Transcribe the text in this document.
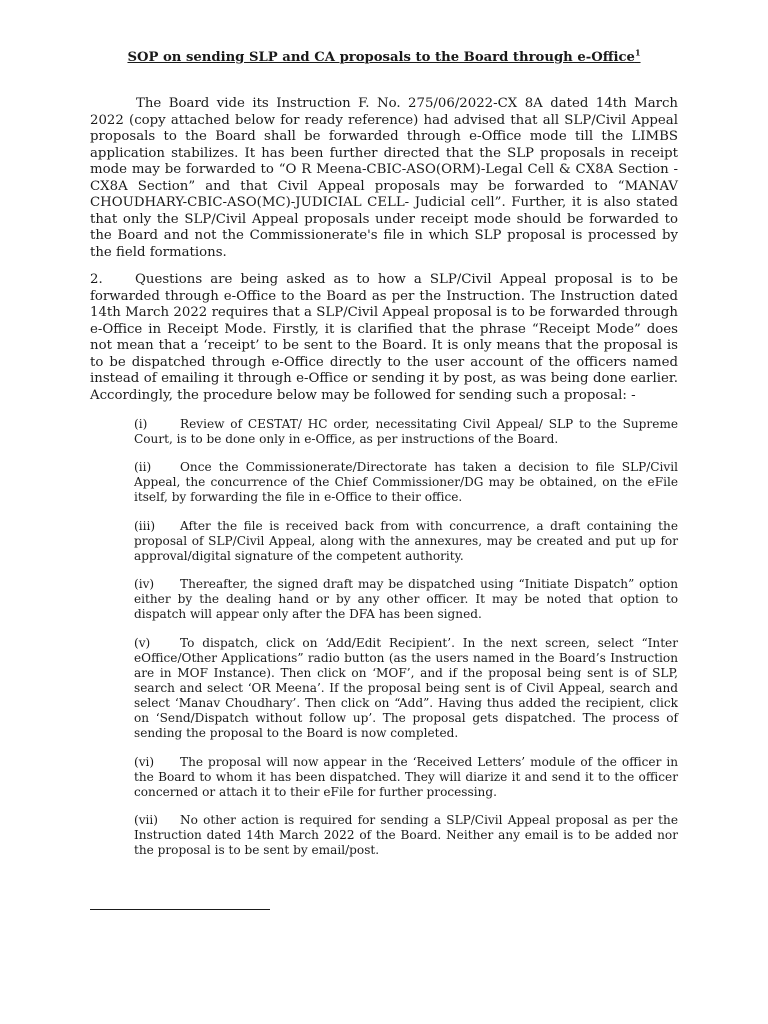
SOP on sending SLP and CA proposals to the Board through e-Office$^1$

The Board vide its Instruction F. No. 275/06/2022-CX 8A dated 14th March 2022 (copy attached below for ready reference) had advised that all SLP/Civil Appeal proposals to the Board shall be forwarded through e-Office mode till the LIMBS application stabilizes. It has been further directed that the SLP proposals in receipt mode may be forwarded to “O R Meena-CBIC-ASO(ORM)-Legal Cell & CX8A Section - CX8A Section” and that Civil Appeal proposals may be forwarded to “MANAV CHOUDHARY-CBIC-ASO(MC)-JUDICIAL CELL- Judicial cell”. Further, it is also stated that only the SLP/Civil Appeal proposals under receipt mode should be forwarded to the Board and not the Commissionerate's file in which SLP proposal is processed by the field formations.

2. Questions are being asked as to how a SLP/Civil Appeal proposal is to be forwarded through e-Office to the Board as per the Instruction. The Instruction dated 14th March 2022 requires that a SLP/Civil Appeal proposal is to be forwarded through e-Office in Receipt Mode. Firstly, it is clarified that the phrase “Receipt Mode” does not mean that a ‘receipt’ to be sent to the Board. It is only means that the proposal is to be dispatched through e-Office directly to the user account of the officers named instead of emailing it through e-Office or sending it by post, as was being done earlier. Accordingly, the procedure below may be followed for sending such a proposal: -

(i)	Review of CESTAT/ HC order, necessitating Civil Appeal/ SLP to the Supreme Court, is to be done only in e-Office, as per instructions of the Board.

(ii) Once the Commissionerate/Directorate has taken a decision to file SLP/Civil Appeal, the concurrence of the Chief Commissioner/DG may be obtained, on the eFile itself, by forwarding the file in e-Office to their office.

(iii) After the file is received back from with concurrence, a draft containing the proposal of SLP/Civil Appeal, along with the annexures, may be created and put up for approval/digital signature of the competent authority.

(iv) Thereafter, the signed draft may be dispatched using “Initiate Dispatch” option either by the dealing hand or by any other officer. It may be noted that option to dispatch will appear only after the DFA has been signed.

(v) To dispatch, click on ‘Add/Edit Recipient’. In the next screen, select “Inter eOffice/Other Applications” radio button (as the users named in the Board’s Instruction are in MOF Instance). Then click on ‘MOF’, and if the proposal being sent is of SLP, search and select ‘OR Meena’. If the proposal being sent is of Civil Appeal, search and select ‘Manav Choudhary’. Then click on “Add”. Having thus added the recipient, click on ‘Send/Dispatch without follow up’. The proposal gets dispatched. The process of sending the proposal to the Board is now completed.

(vi) The proposal will now appear in the ‘Received Letters’ module of the officer in the Board to whom it has been dispatched. They will diarize it and send it to the officer concerned or attach it to their eFile for further processing.

(vii) No other action is required for sending a SLP/Civil Appeal proposal as per the Instruction dated 14th March 2022 of the Board. Neither any email is to be added nor the proposal is to be sent by email/post.
